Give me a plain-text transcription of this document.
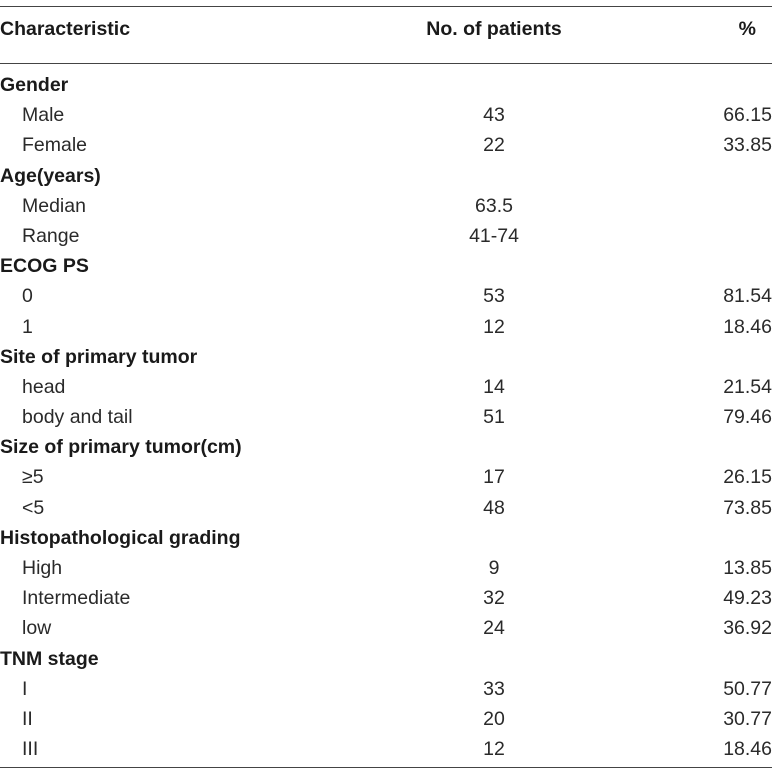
Characteristic	No. of patients	%
Gender
Male	43	66.15
Female	22	33.85
Age(years)
Median	63.5
Range	41-74
ECOG PS
0	53	81.54
1	12	18.46
Site of primary tumor
head	14	21.54
body and tail	51	79.46
Size of primary tumor(cm)
≥5	17	26.15
<5	48	73.85
Histopathological grading
High	9	13.85
Intermediate	32	49.23
low	24	36.92
TNM stage
I	33	50.77
II	20	30.77
III	12	18.46
